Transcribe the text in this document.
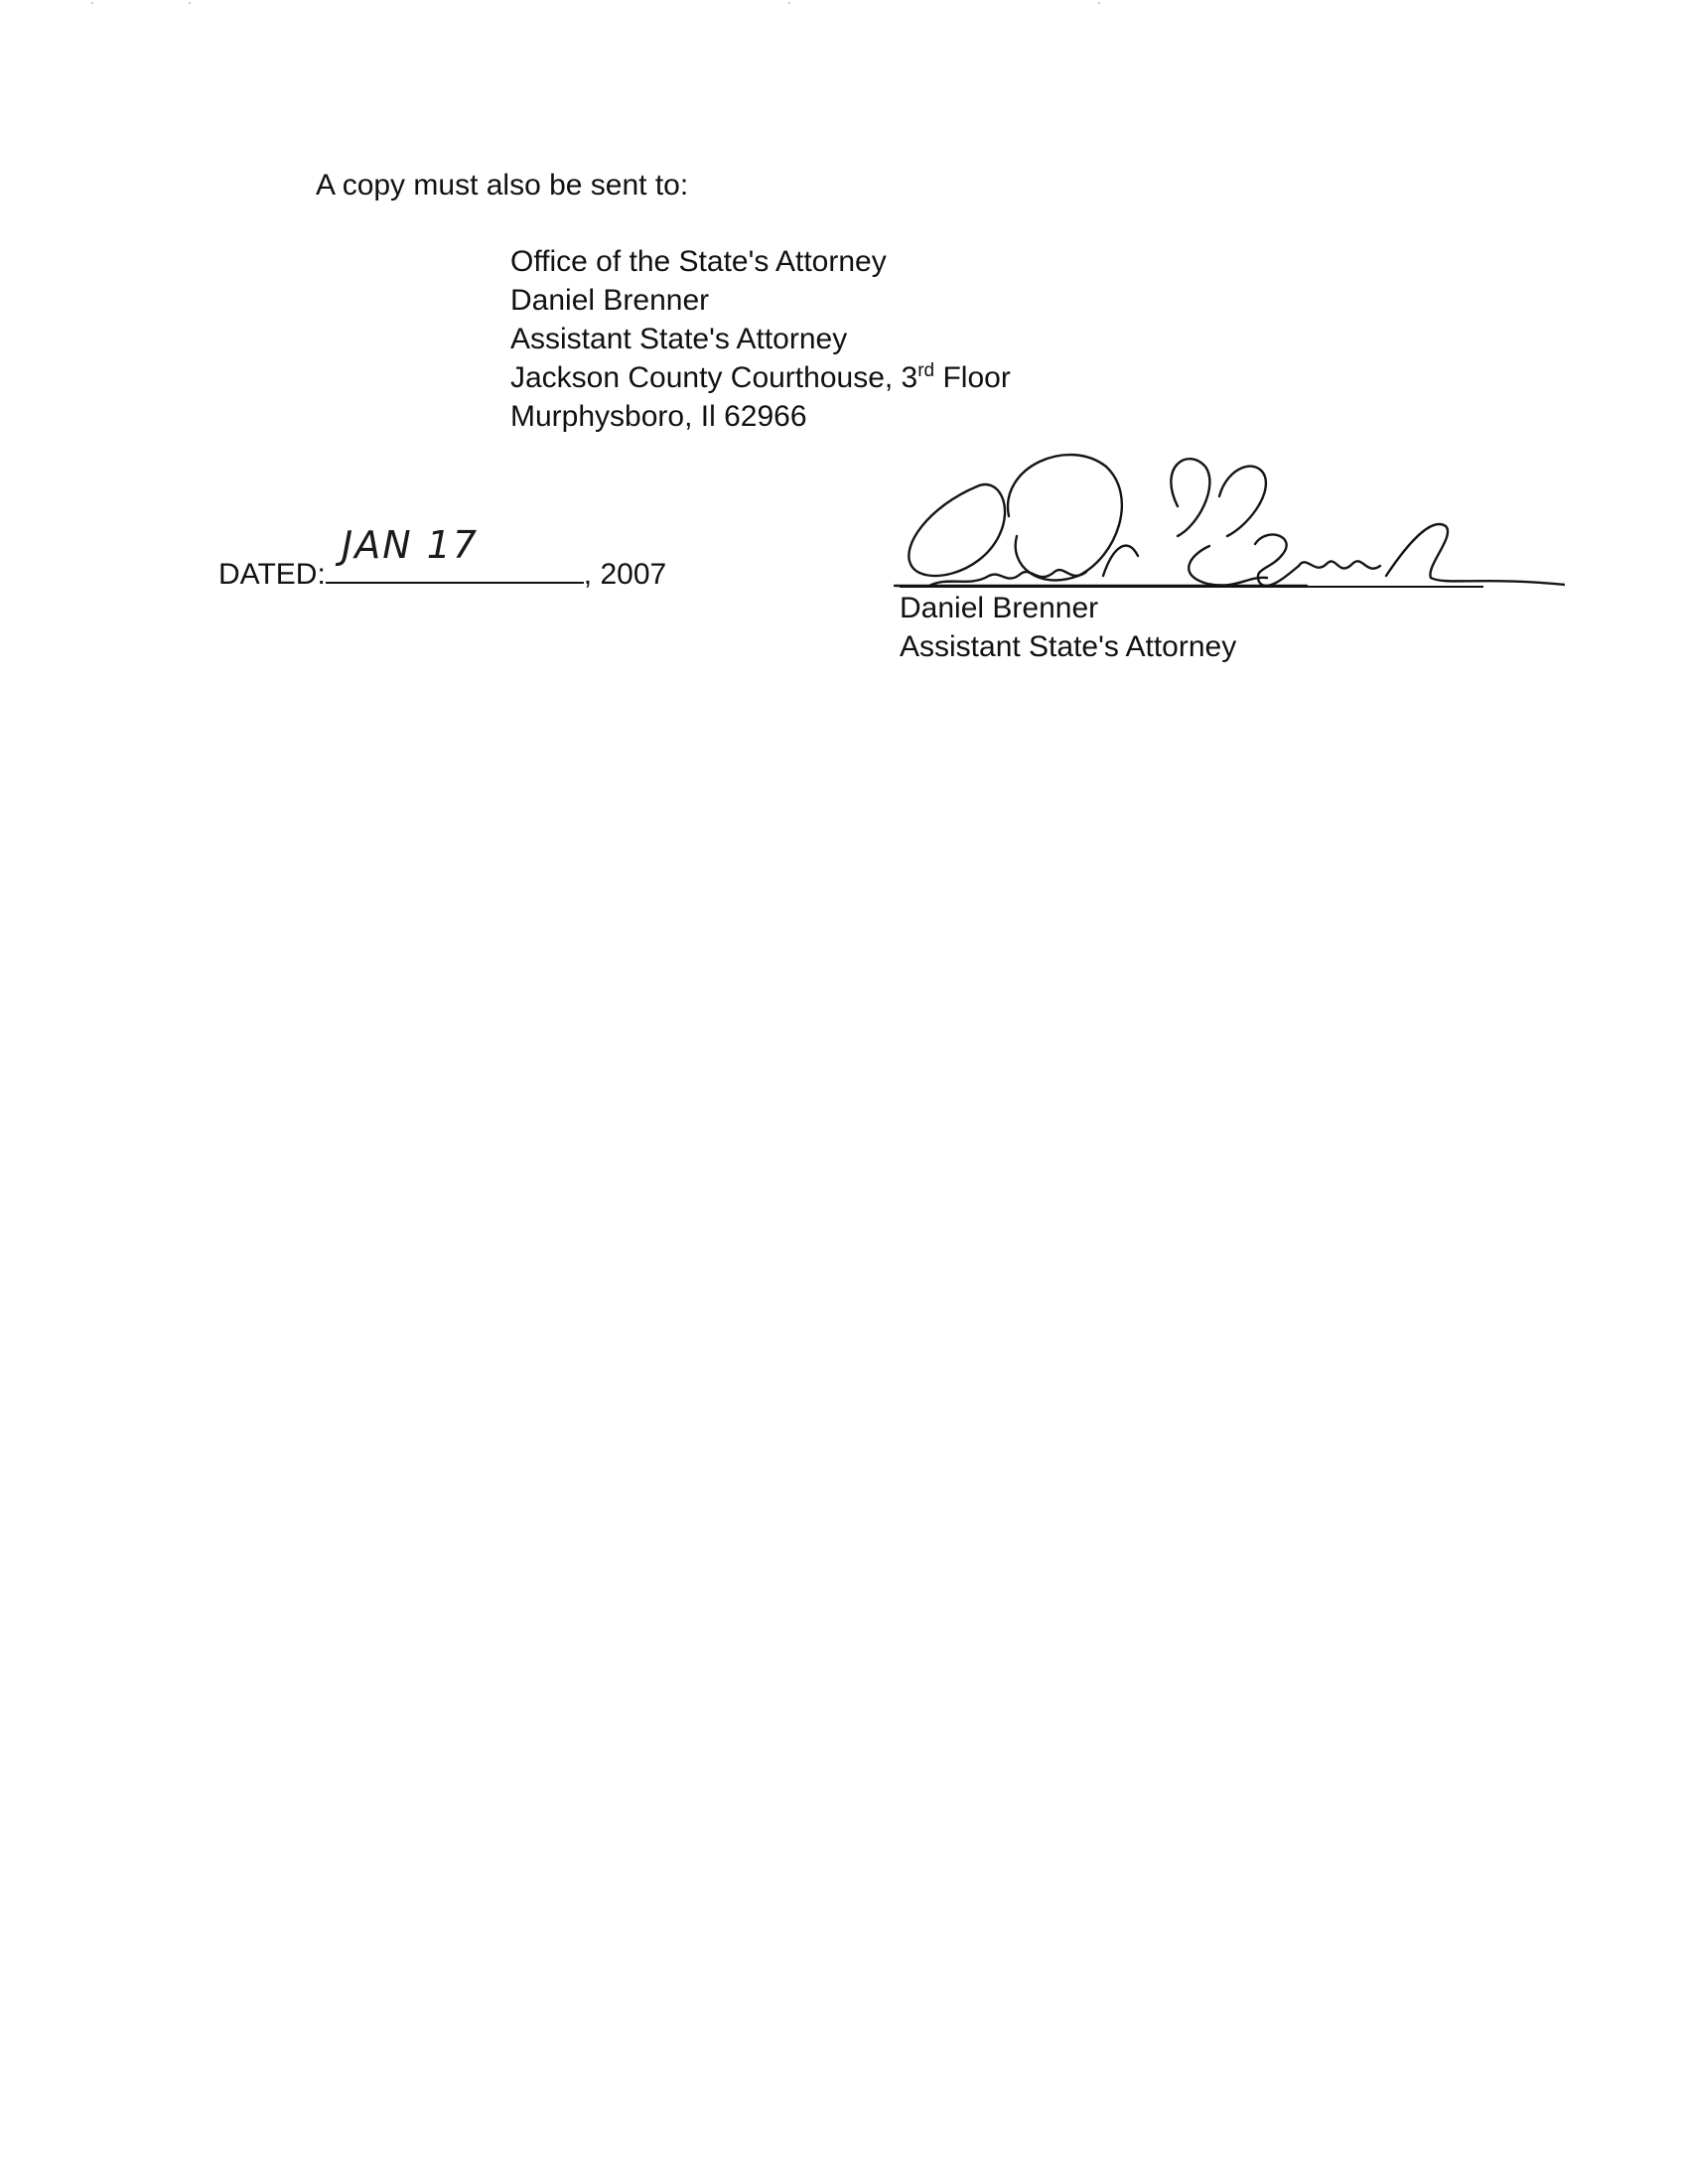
A copy must also be sent to:

Office of the State's Attorney

Daniel Brenner

Assistant State's Attorney

Jackson County Courthouse, 3rd Floor

Murphysboro, Il 62966

DATED:	, 2007

JAN 17

Daniel Brenner

Assistant State's Attorney
